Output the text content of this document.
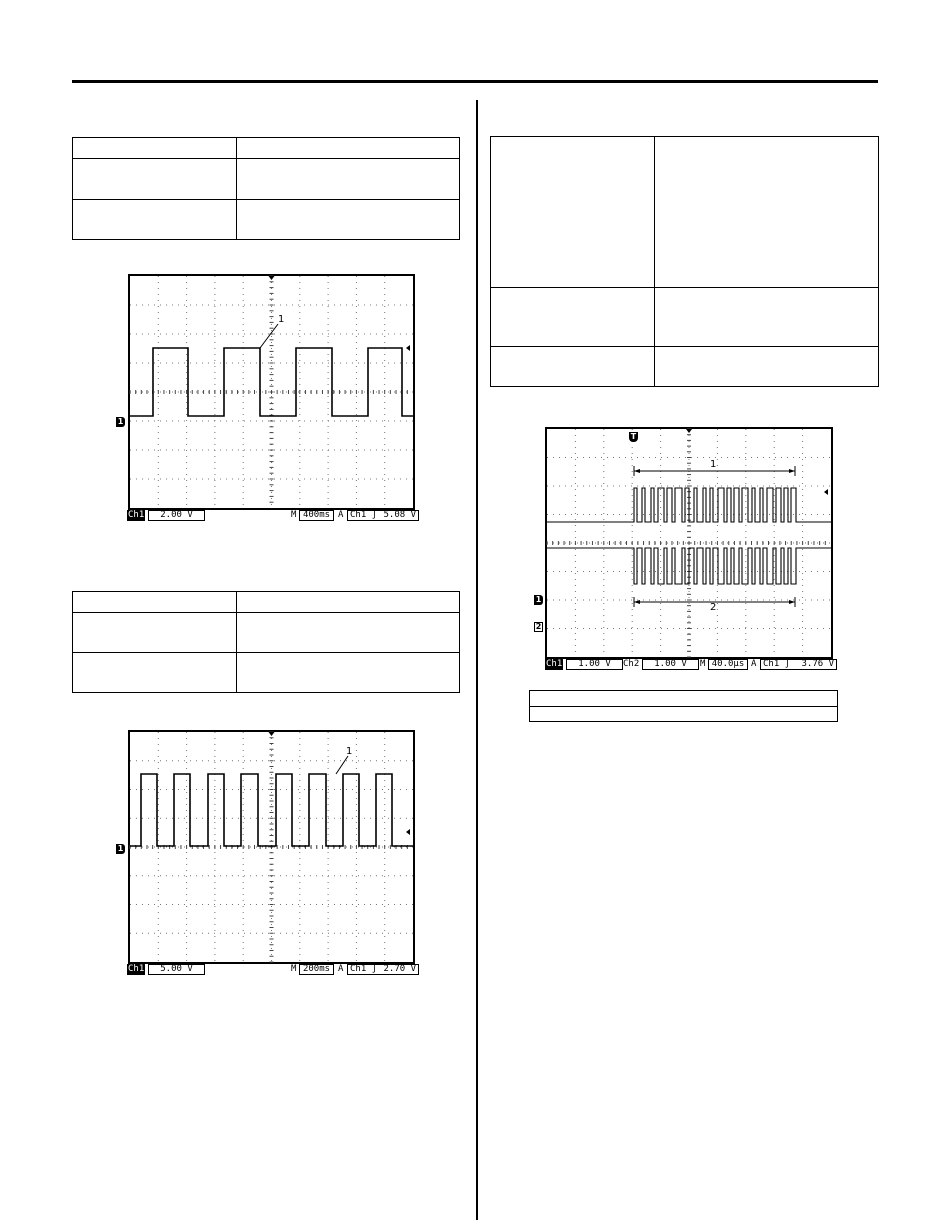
1
1
Ch1	2.00 V	M 400ms A Ch1 ∫ 5.08 V

1
1
Ch1	5.00 V	M 200ms A Ch1 ∫ 2.70 V

T
1
2
1
2
Ch1	1.00 V	Ch2	1.00 V	M 40.0µs A Ch1 ∫ 3.76 V
